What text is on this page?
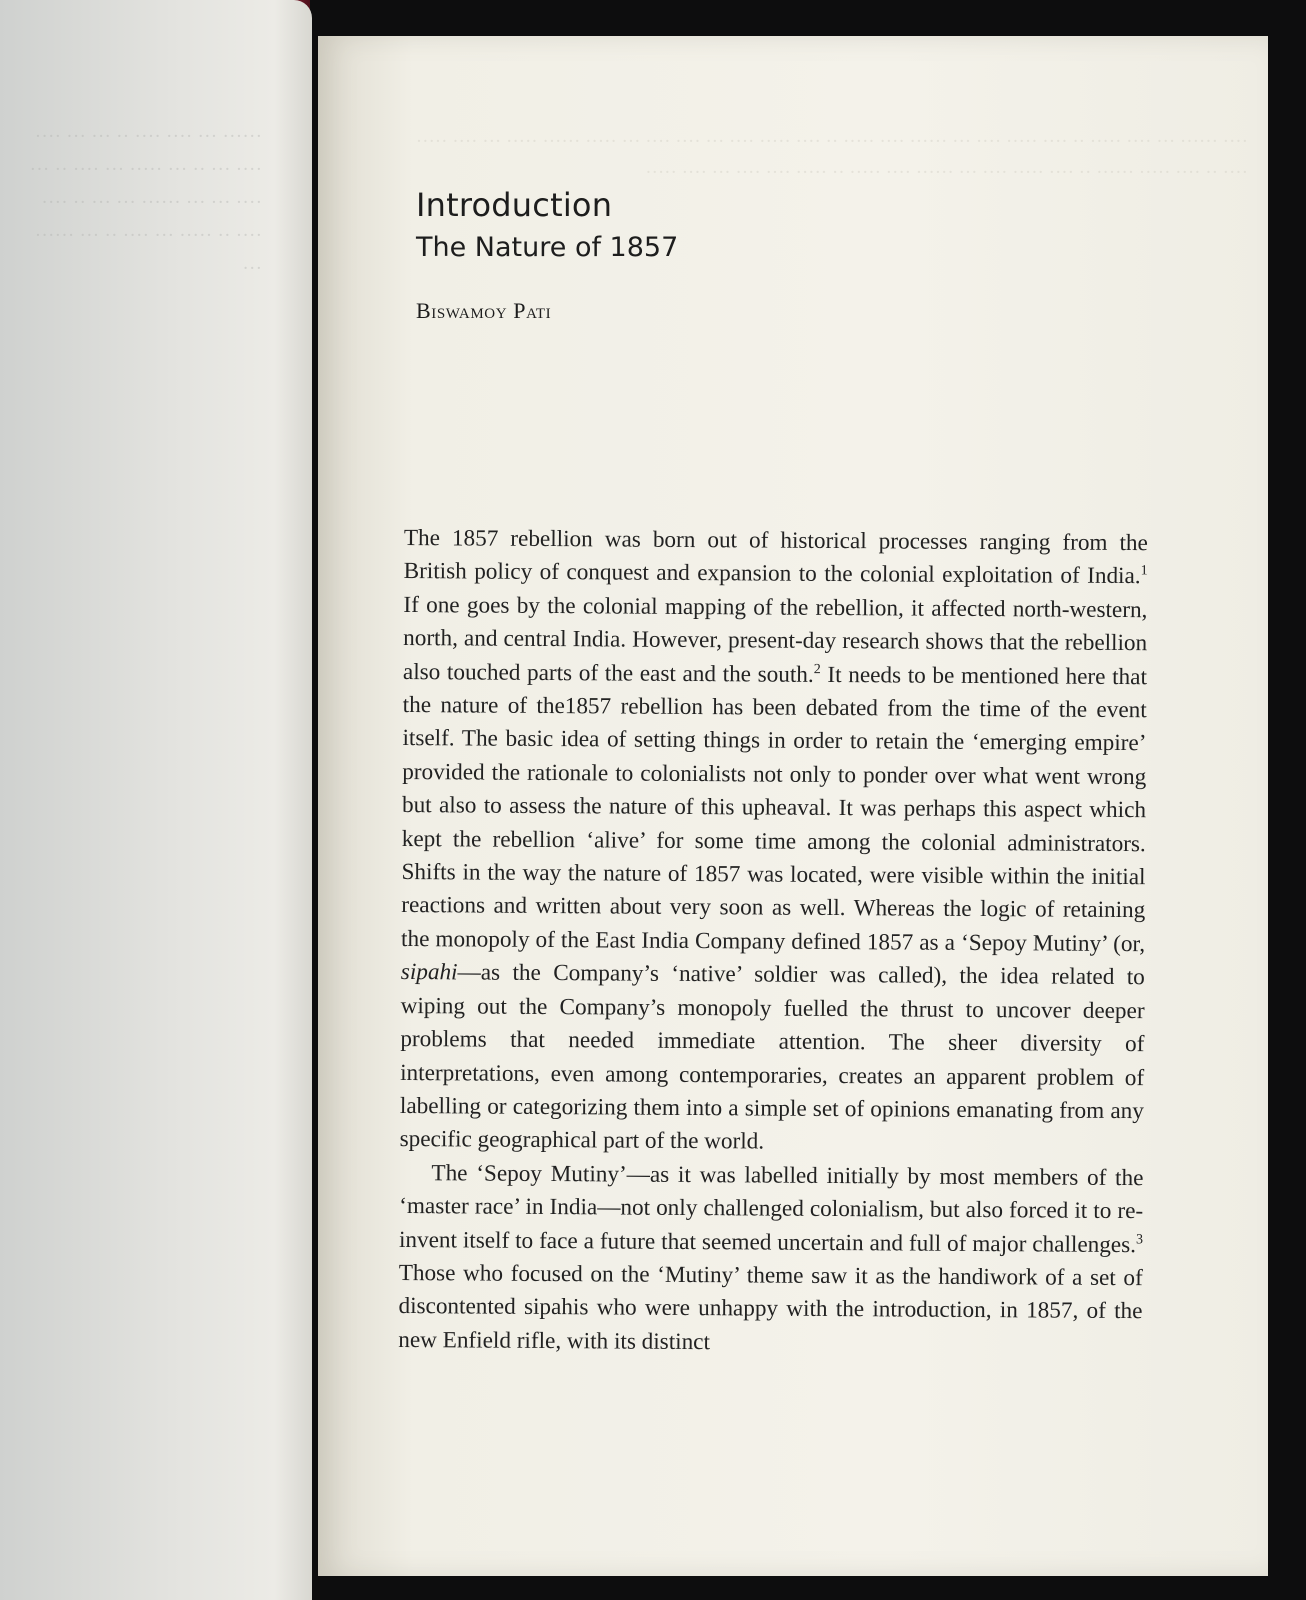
······ ··· ···· ···· ·· ··· ··· ···· ···· ··· ·· ··· ····· ··· ···· ·· ··· ···· ··· ··· ······ ··· ··· ·· ···· ···· ·· ····· ··· ···· ·· ··· ······ ···
···· ······ ··· ···· ····· ·· ···· ····· ···· ··· ······ ···· ····· ·· ···· ····· ···· ··· ···· ···· ··· ····· ······ ····· ··· ···· ····· ···· ·· ···· ····· ······ ·· ···· ····· ···· ··· ······ ···· ····· ·· ····· ···· ···· ··· ···· ·····
Introduction
The Nature of 1857

Biswamoy Pati

The 1857 rebellion was born out of historical processes ranging from the British policy of conquest and expansion to the colonial exploitation of India.$^1$ If one goes by the colonial mapping of the rebellion, it affected north-western, north, and central India. However, present-day research shows that the rebellion also touched parts of the east and the south.$^2$ It needs to be mentioned here that the nature of the1857 rebellion has been debated from the time of the event itself. The basic idea of setting things in order to retain the ‘emerging empire’ provided the rationale to colonialists not only to ponder over what went wrong but also to assess the nature of this upheaval. It was perhaps this aspect which kept the rebellion ‘alive’ for some time among the colonial administrators. Shifts in the way the nature of 1857 was located, were visible within the initial reactions and written about very soon as well. Whereas the logic of retaining the monopoly of the East India Company defined 1857 as a ‘Sepoy Mutiny’ (or, sipahi—as the Company’s ‘native’ soldier was called), the idea related to wiping out the Company’s monopoly fuelled the thrust to uncover deeper problems that needed immediate attention. The sheer diversity of interpretations, even among contemporaries, creates an apparent problem of labelling or categorizing them into a simple set of opinions emanating from any specific geographical part of the world.

The ‘Sepoy Mutiny’—as it was labelled initially by most members of the ‘master race’ in India—not only challenged colonialism, but also forced it to re-invent itself to face a future that seemed uncertain and full of major challenges.$^3$ Those who focused on the ‘Mutiny’ theme saw it as the handiwork of a set of discontented sipahis who were unhappy with the introduction, in 1857, of the new Enfield rifle, with its distinct
